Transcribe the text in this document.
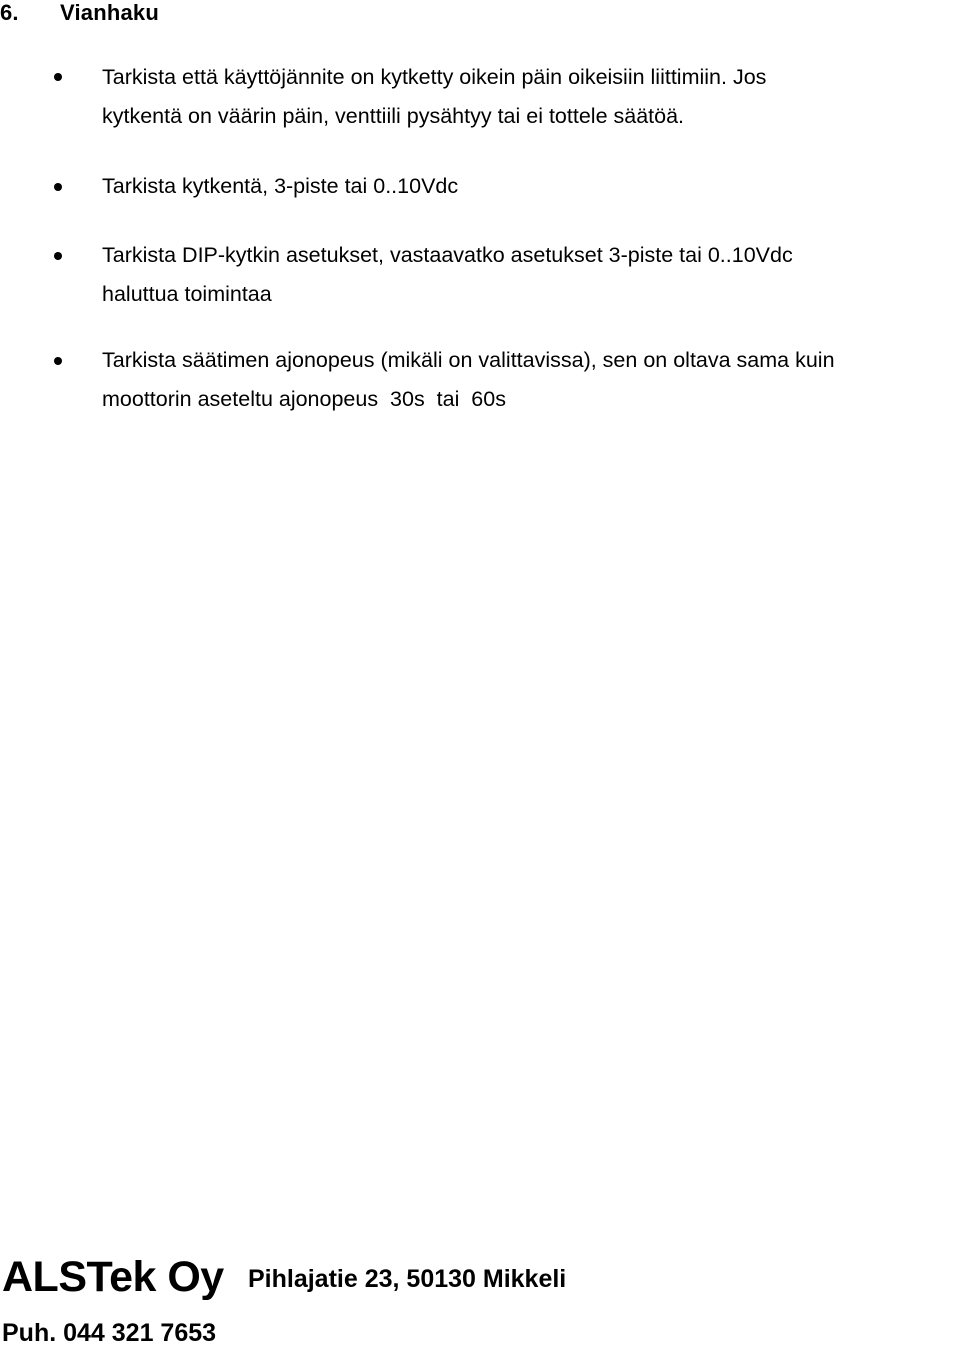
6. Vianhaku
Tarkista että käyttöjännite on kytketty oikein päin oikeisiin liittimiin. Jos
kytkentä on väärin päin, venttiili pysähtyy tai ei tottele säätöä.
Tarkista kytkentä, 3-piste tai 0..10Vdc
Tarkista DIP-kytkin asetukset, vastaavatko asetukset 3-piste tai 0..10Vdc
haluttua toimintaa
Tarkista säätimen ajonopeus (mikäli on valittavissa), sen on oltava sama kuin
moottorin aseteltu ajonopeus  30s  tai  60s
ALSTek Oy Pihlajatie 23, 50130 Mikkeli
Puh. 044 321 7653
